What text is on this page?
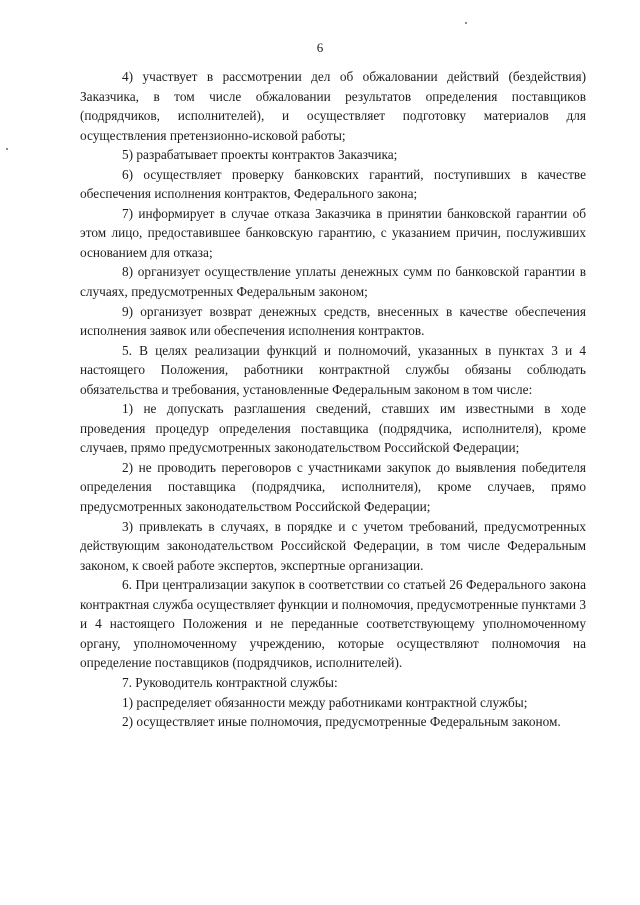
6

4) участвует в рассмотрении дел об обжаловании действий (бездействия) Заказчика, в том числе обжаловании результатов определения поставщиков (подрядчиков, исполнителей), и осуществляет подготовку материалов для осуществления претензионно-исковой работы;

5) разрабатывает проекты контрактов Заказчика;

6) осуществляет проверку банковских гарантий, поступивших в качестве обеспечения исполнения контрактов, Федерального закона;

7) информирует в случае отказа Заказчика в принятии банковской гарантии об этом лицо, предоставившее банковскую гарантию, с указанием причин, послуживших основанием для отказа;

8) организует осуществление уплаты денежных сумм по банковской гарантии в случаях, предусмотренных Федеральным законом;

9) организует возврат денежных средств, внесенных в качестве обеспечения исполнения заявок или обеспечения исполнения контрактов.

5. В целях реализации функций и полномочий, указанных в пунктах 3 и 4 настоящего Положения, работники контрактной службы обязаны соблюдать обязательства и требования, установленные Федеральным законом в том числе:

1) не допускать разглашения сведений, ставших им известными в ходе проведения процедур определения поставщика (подрядчика, исполнителя), кроме случаев, прямо предусмотренных законодательством Российской Федерации;

2) не проводить переговоров с участниками закупок до выявления победителя определения поставщика (подрядчика, исполнителя), кроме случаев, прямо предусмотренных законодательством Российской Федерации;

3) привлекать в случаях, в порядке и с учетом требований, предусмотренных действующим законодательством Российской Федерации, в том числе Федеральным законом, к своей работе экспертов, экспертные организации.

6. При централизации закупок в соответствии со статьей 26 Федерального закона контрактная служба осуществляет функции и полномочия, предусмотренные пунктами 3 и 4 настоящего Положения и не переданные соответствующему уполномоченному органу, уполномоченному учреждению, которые осуществляют полномочия на определение поставщиков (подрядчиков, исполнителей).

7. Руководитель контрактной службы:

1) распределяет обязанности между работниками контрактной службы;

2) осуществляет иные полномочия, предусмотренные Федеральным законом.
